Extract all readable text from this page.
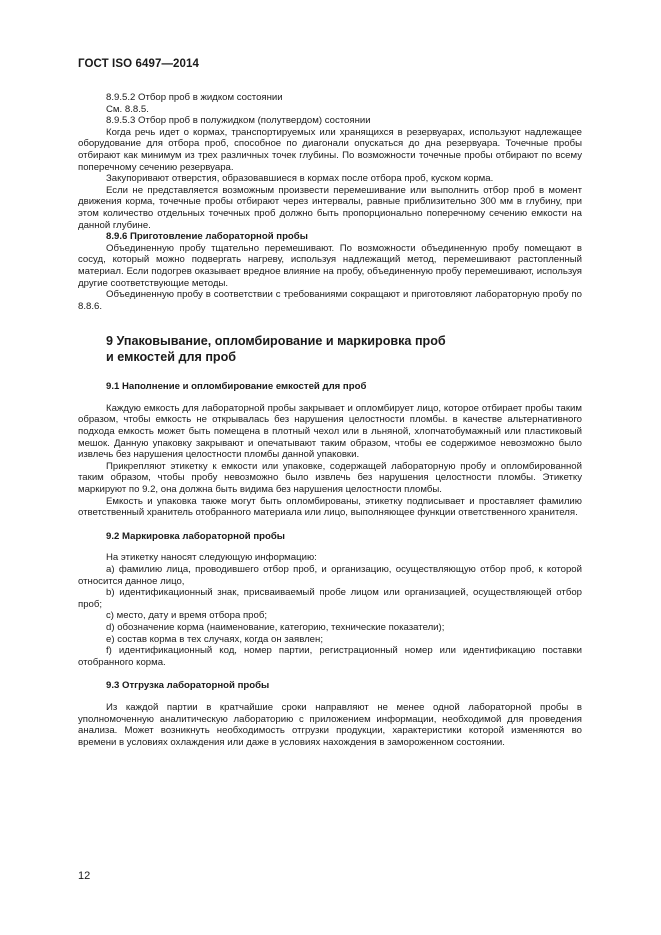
ГОСТ ISO 6497—2014

8.9.5.2 Отбор проб в жидком состоянии

См. 8.8.5.

8.9.5.3 Отбор проб в полужидком (полутвердом) состоянии

Когда речь идет о кормах, транспортируемых или хранящихся в резервуарах, используют надлежащее оборудование для отбора проб, способное по диагонали опускаться до дна резервуара. Точечные пробы отбирают как минимум из трех различных точек глубины. По возможности точечные пробы отбирают по всему поперечному сечению резервуара.

Закупоривают отверстия, образовавшиеся в кормах после отбора проб, куском корма.

Если не представляется возможным произвести перемешивание или выполнить отбор проб в момент движения корма, точечные пробы отбирают через интервалы, равные приблизительно 300 мм в глубину, при этом количество отдельных точечных проб должно быть пропорционально поперечному сечению емкости на данной глубине.

8.9.6 Приготовление лабораторной пробы

Объединенную пробу тщательно перемешивают. По возможности объединенную пробу помещают в сосуд, который можно подвергать нагреву, используя надлежащий метод, перемешивают растопленный материал. Если подогрев оказывает вредное влияние на пробу, объединенную пробу перемешивают, используя другие соответствующие методы.

Объединенную пробу в соответствии с требованиями сокращают и приготовляют лабораторную пробу по 8.8.6.

9 Упаковывание, опломбирование и маркировка проб

и емкостей для проб

9.1 Наполнение и опломбирование емкостей для проб

Каждую емкость для лабораторной пробы закрывает и опломбирует лицо, которое отбирает пробы таким образом, чтобы емкость не открывалась без нарушения целостности пломбы. в качестве альтернативного подхода емкость может быть помещена в плотный чехол или в льняной, хлопчатобумажный или пластиковый мешок. Данную упаковку закрывают и опечатывают таким образом, чтобы ее содержимое невозможно было извлечь без нарушения целостности пломбы данной упаковки.

Прикрепляют этикетку к емкости или упаковке, содержащей лабораторную пробу и опломбированной таким образом, чтобы пробу невозможно было извлечь без нарушения целостности пломбы. Этикетку маркируют по 9.2, она должна быть видима без нарушения целостности пломбы.

Емкость и упаковка также могут быть опломбированы, этикетку подписывает и проставляет фамилию ответственный хранитель отобранного материала или лицо, выполняющее функции ответственного хранителя.

9.2 Маркировка лабораторной пробы

На этикетку наносят следующую информацию:

a) фамилию лица, проводившего отбор проб, и организацию, осуществляющую отбор проб, к которой относится данное лицо,

b) идентификационный знак, присваиваемый пробе лицом или организацией, осуществляющей отбор проб;

c) место, дату и время отбора проб;

d) обозначение корма (наименование, категорию, технические показатели);

e) состав корма в тех случаях, когда он заявлен;

f) идентификационный код, номер партии, регистрационный номер или идентификацию поставки отобранного корма.

9.3 Отгрузка лабораторной пробы

Из каждой партии в кратчайшие сроки направляют не менее одной лабораторной пробы в уполномоченную аналитическую лабораторию с приложением информации, необходимой для проведения анализа. Может возникнуть необходимость отгрузки продукции, характеристики которой изменяются во времени в условиях охлаждения или даже в условиях нахождения в замороженном состоянии.

12
